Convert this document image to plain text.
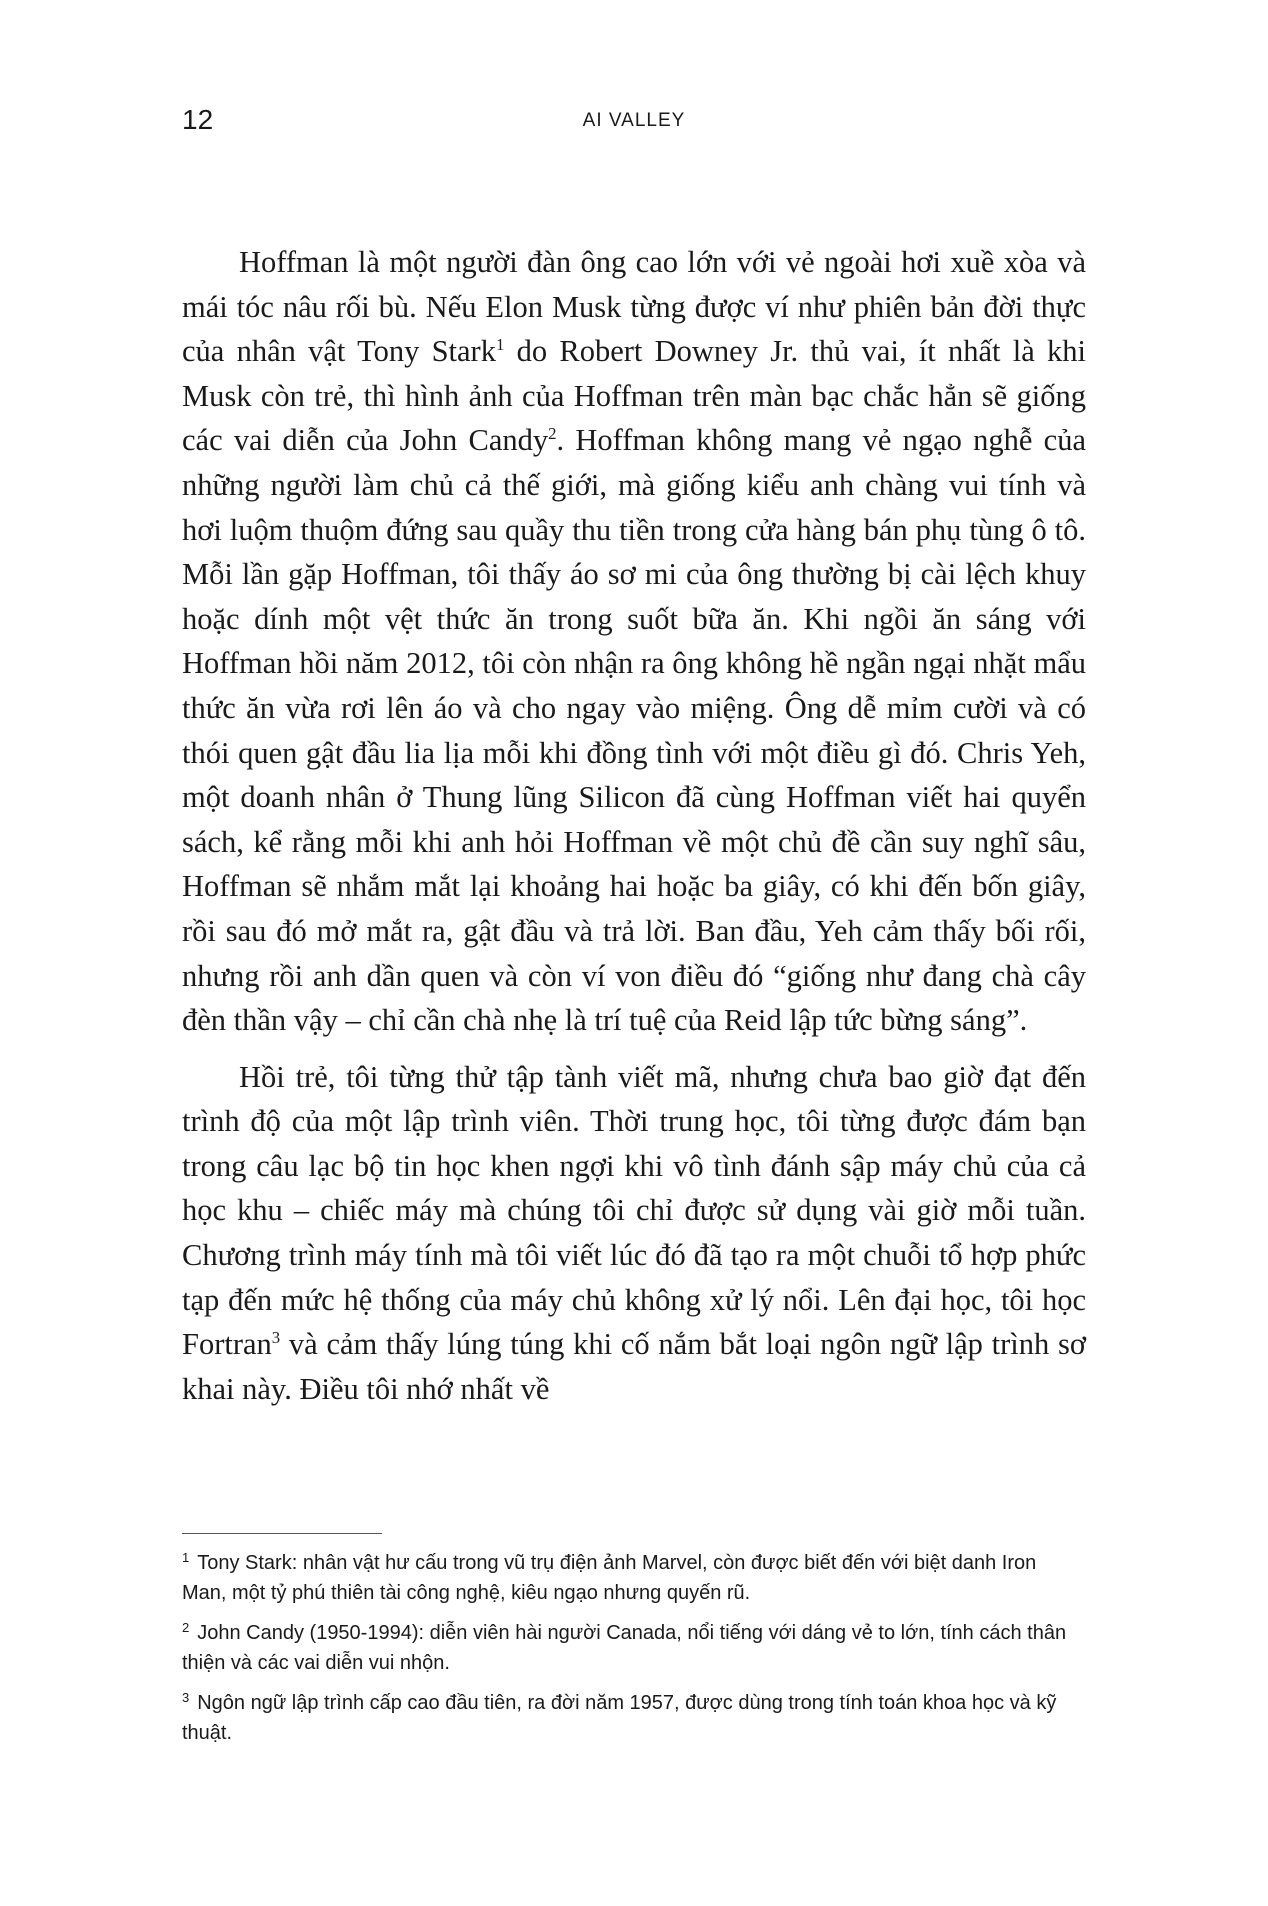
12	AI VALLEY

Hoffman là một người đàn ông cao lớn với vẻ ngoài hơi xuề xòa và mái tóc nâu rối bù. Nếu Elon Musk từng được ví như phiên bản đời thực của nhân vật Tony Stark$^1$ do Robert Downey Jr. thủ vai, ít nhất là khi Musk còn trẻ, thì hình ảnh của Hoffman trên màn bạc chắc hẳn sẽ giống các vai diễn của John Candy$^2$. Hoffman không mang vẻ ngạo nghễ của những người làm chủ cả thế giới, mà giống kiểu anh chàng vui tính và hơi luộm thuộm đứng sau quầy thu tiền trong cửa hàng bán phụ tùng ô tô. Mỗi lần gặp Hoffman, tôi thấy áo sơ mi của ông thường bị cài lệch khuy hoặc dính một vệt thức ăn trong suốt bữa ăn. Khi ngồi ăn sáng với Hoffman hồi năm 2012, tôi còn nhận ra ông không hề ngần ngại nhặt mẩu thức ăn vừa rơi lên áo và cho ngay vào miệng. Ông dễ mỉm cười và có thói quen gật đầu lia lịa mỗi khi đồng tình với một điều gì đó. Chris Yeh, một doanh nhân ở Thung lũng Silicon đã cùng Hoffman viết hai quyển sách, kể rằng mỗi khi anh hỏi Hoffman về một chủ đề cần suy nghĩ sâu, Hoffman sẽ nhắm mắt lại khoảng hai hoặc ba giây, có khi đến bốn giây, rồi sau đó mở mắt ra, gật đầu và trả lời. Ban đầu, Yeh cảm thấy bối rối, nhưng rồi anh dần quen và còn ví von điều đó “giống như đang chà cây đèn thần vậy – chỉ cần chà nhẹ là trí tuệ của Reid lập tức bừng sáng”.

Hồi trẻ, tôi từng thử tập tành viết mã, nhưng chưa bao giờ đạt đến trình độ của một lập trình viên. Thời trung học, tôi từng được đám bạn trong câu lạc bộ tin học khen ngợi khi vô tình đánh sập máy chủ của cả học khu – chiếc máy mà chúng tôi chỉ được sử dụng vài giờ mỗi tuần. Chương trình máy tính mà tôi viết lúc đó đã tạo ra một chuỗi tổ hợp phức tạp đến mức hệ thống của máy chủ không xử lý nổi. Lên đại học, tôi học Fortran$^3$ và cảm thấy lúng túng khi cố nắm bắt loại ngôn ngữ lập trình sơ khai này. Điều tôi nhớ nhất về

$^1$ Tony Stark: nhân vật hư cấu trong vũ trụ điện ảnh Marvel, còn được biết đến với biệt danh Iron Man, một tỷ phú thiên tài công nghệ, kiêu ngạo nhưng quyến rũ.

$^2$ John Candy (1950-1994): diễn viên hài người Canada, nổi tiếng với dáng vẻ to lớn, tính cách thân thiện và các vai diễn vui nhộn.

$^3$ Ngôn ngữ lập trình cấp cao đầu tiên, ra đời năm 1957, được dùng trong tính toán khoa học và kỹ thuật.
